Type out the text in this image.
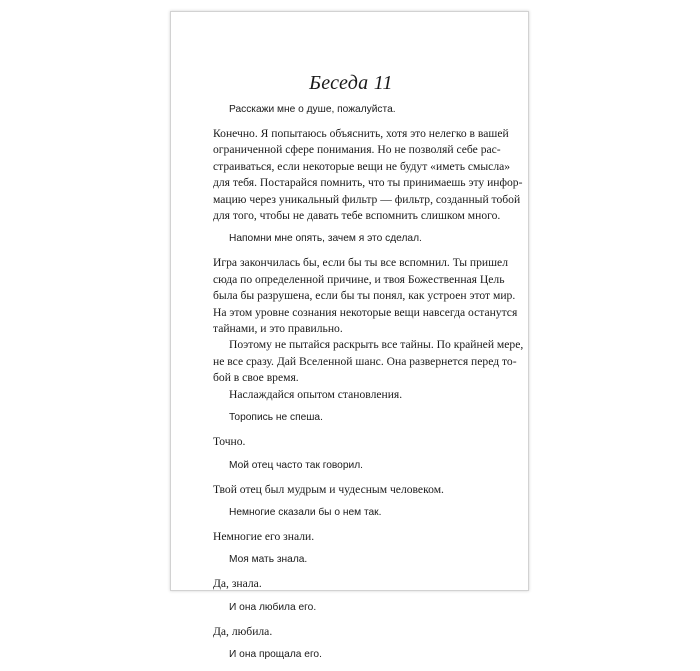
Беседа 11

Расскажи мне о душе, пожалуйста.

Конечно. Я попытаюсь объяснить, хотя это нелегко в вашей
ограниченной сфере понимания. Но не позволяй себе рас-
страиваться, если некоторые вещи не будут «иметь смысла»
для тебя. Постарайся помнить, что ты принимаешь эту инфор-
мацию через уникальный фильтр — фильтр, созданный тобой
для того, чтобы не давать тебе вспомнить слишком много.

Напомни мне опять, зачем я это сделал.

Игра закончилась бы, если бы ты все вспомнил. Ты пришел
сюда по определенной причине, и твоя Божественная Цель
была бы разрушена, если бы ты понял, как устроен этот мир.
На этом уровне сознания некоторые вещи навсегда останутся
тайнами, и это правильно.
Поэтому не пытайся раскрыть все тайны. По крайней мере,
не все сразу. Дай Вселенной шанс. Она развернется перед то-
бой в свое время.
Наслаждайся опытом становления.

Торопись не спеша.

Точно.

Мой отец часто так говорил.

Твой отец был мудрым и чудесным человеком.

Немногие сказали бы о нем так.

Немногие его знали.

Моя мать знала.

Да, знала.

И она любила его.

Да, любила.

И она прощала его.
